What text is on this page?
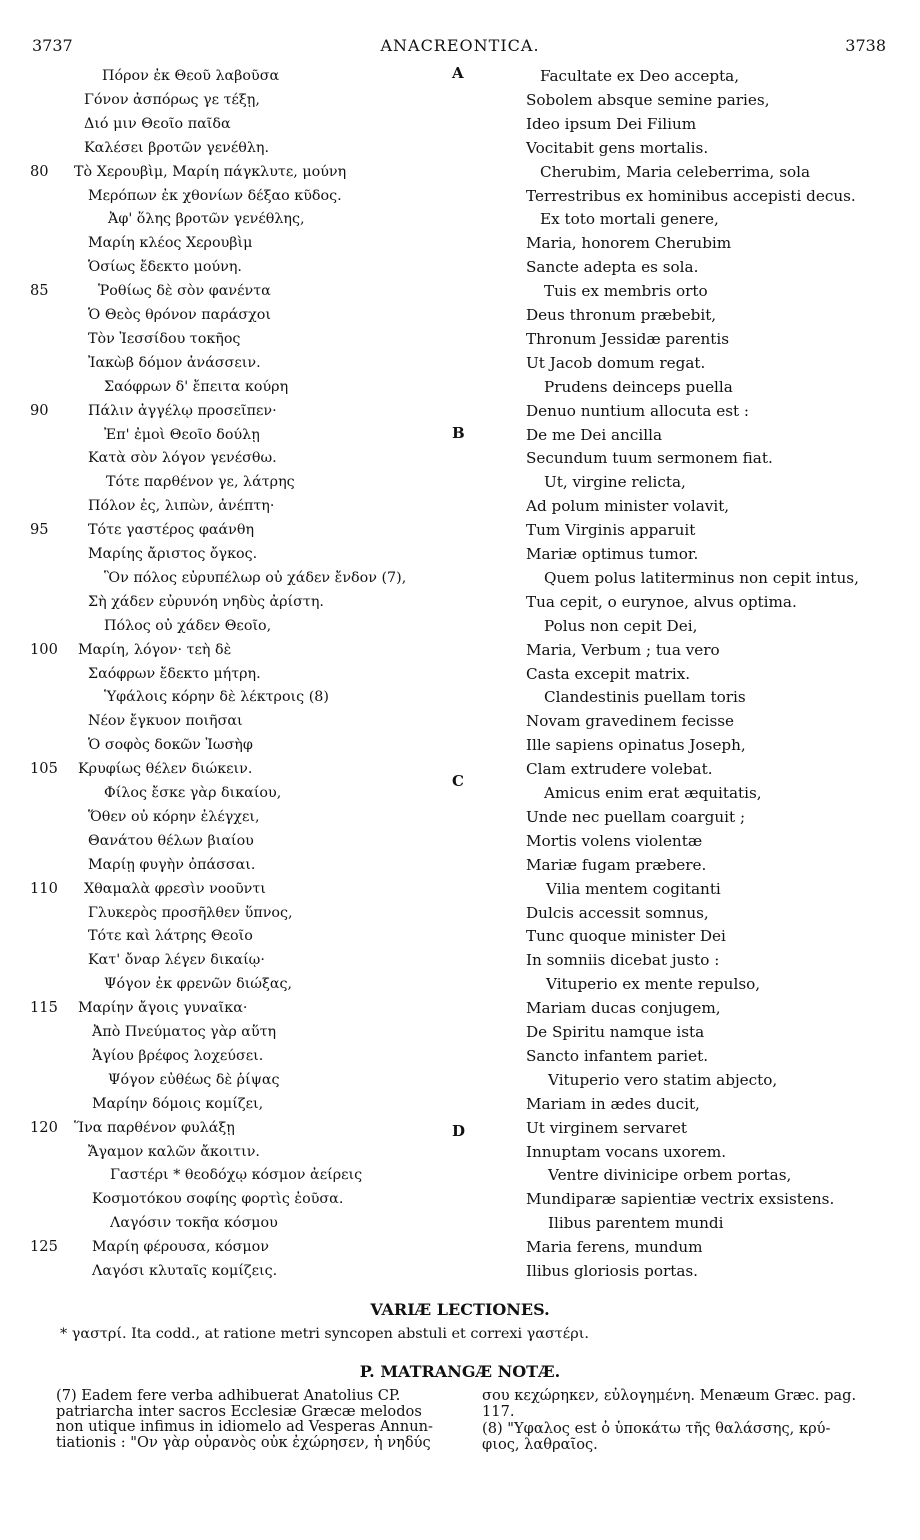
3737	ANACREONTICA.	3738
Πόρον ἐκ Θεοῦ λαβοῦσα	Facultate ex Deo accepta,
Γόνον ἀσπόρως γε τέξῃ,	Sobolem absque semine paries,
Διό μιν Θεοῖο παῖδα	Ideo ipsum Dei Filium
Καλέσει βροτῶν γενέθλη.	Vocitabit gens mortalis.
80	Τὸ Χερουβὶμ, Μαρίη πάγκλυτε, μούνη	Cherubim, Maria celeberrima, sola
Μερόπων ἐκ χθονίων δέξαο κῦδος.	Terrestribus ex hominibus accepisti decus.
Ἀφ' ὅλης βροτῶν γενέθλης,	Ex toto mortali genere,
Μαρίη κλέος Χερουβὶμ	Maria, honorem Cherubim
Ὁσίως ἔδεκτο μούνη.	Sancte adepta es sola.
85	Ῥοθίως δὲ σὸν φανέντα	Tuis ex membris orto
Ὁ Θεὸς θρόνον παράσχοι	Deus thronum præbebit,
Τὸν Ἰεσσίδου τοκῆος	Thronum Jessidæ parentis
Ἰακὼβ δόμον ἀνάσσειν.	Ut Jacob domum regat.
Σαόφρων δ' ἔπειτα κούρη	Prudens deinceps puella
90	Πάλιν ἀγγέλῳ προσεῖπεν·	Denuo nuntium allocuta est :
Ἐπ' ἐμοὶ Θεοῖο δούλῃ	De me Dei ancilla
Κατὰ σὸν λόγον γενέσθω.	Secundum tuum sermonem fiat.
Τότε παρθένον γε, λάτρης	Ut, virgine relicta,
Πόλον ἐς, λιπὼν, ἀνέπτη·	Ad polum minister volavit,
95	Τότε γαστέρος φαάνθη	Tum Virginis apparuit
Μαρίης ἄριστος ὄγκος.	Mariæ optimus tumor.
Ὃν πόλος εὐρυπέλωρ οὐ χάδεν ἔνδον (7),	Quem polus latiterminus non cepit intus,
Σὴ χάδεν εὐρυνόη νηδὺς ἀρίστη.	Tua cepit, o eurynoe, alvus optima.
Πόλος οὐ χάδεν Θεοῖο,	Polus non cepit Dei,
100 Μαρίη, λόγον· τεὴ δὲ	Maria, Verbum ; tua vero
Σαόφρων ἔδεκτο μήτρη.	Casta excepit matrix.
Ὑφάλοις κόρην δὲ λέκτροις (8)	Clandestinis puellam toris
Νέον ἔγκυον ποιῆσαι	Novam gravedinem fecisse
Ὁ σοφὸς δοκῶν Ἰωσὴφ	Ille sapiens opinatus Joseph,
105 Κρυφίως θέλεν διώκειν.	Clam extrudere volebat.
Φίλος ἔσκε γὰρ δικαίου,	Amicus enim erat æquitatis,
Ὅθεν οὐ κόρην ἐλέγχει,	Unde nec puellam coarguit ;
Θανάτου θέλων βιαίου	Mortis volens violentæ
Μαρίῃ φυγὴν ὀπάσσαι.	Mariæ fugam præbere.
110 Χθαμαλὰ φρεσὶν νοοῦντι	Vilia mentem cogitanti
Γλυκερὸς προσῆλθεν ὕπνος,	Dulcis accessit somnus,
Τότε καὶ λάτρης Θεοῖο	Tunc quoque minister Dei
Κατ' ὄναρ λέγεν δικαίῳ·	In somniis dicebat justo :
Ψόγον ἐκ φρενῶν διώξας,	Vituperio ex mente repulso,
115 Μαρίην ἄγοις γυναῖκα·	Mariam ducas conjugem,
Ἀπὸ Πνεύματος γὰρ αὕτη	De Spiritu namque ista
Ἁγίου βρέφος λοχεύσει.	Sancto infantem pariet.
Ψόγον εὐθέως δὲ ῥίψας	Vituperio vero statim abjecto,
Μαρίην δόμοις κομίζει,	Mariam in ædes ducit,
120 Ἵνα παρθένον φυλάξῃ	Ut virginem servaret
Ἄγαμον καλῶν ἄκοιτιν.	Innuptam vocans uxorem.
Γαστέρι * θεοδόχῳ κόσμον ἀείρεις	Ventre divinicipe orbem portas,
Κοσμοτόκου σοφίης φορτὶς ἐοῦσα.	Mundiparæ sapientiæ vectrix exsistens.
Λαγόσιν τοκῆα κόσμου	Ilibus parentem mundi
125 Μαρίη φέρουσα, κόσμον	Maria ferens, mundum
Λαγόσι κλυταῖς κομίζεις.	Ilibus gloriosis portas.
A
B
C
D
VARIÆ LECTIONES.
* γαστρί. Ita codd., at ratione metri syncopen abstuli et correxi γαστέρι.
P. MATRANGÆ NOTÆ.
(7) Eadem fere verba adhibuerat Anatolius CP.
patriarcha inter sacros Ecclesiæ Græcæ melodos
non utique infimus in idiomelo ad Vesperas Annun-
tiationis : "Ον γὰρ οὐρανὸς οὐκ ἐχώρησεν, ἡ νηδύς
σου κεχώρηκεν, εὐλογημένη. Menæum Græc. pag.
117.
(8) "Υφαλος est ὁ ὑποκάτω τῆς θαλάσσης, κρύ-
φιος, λαθραῖος.
